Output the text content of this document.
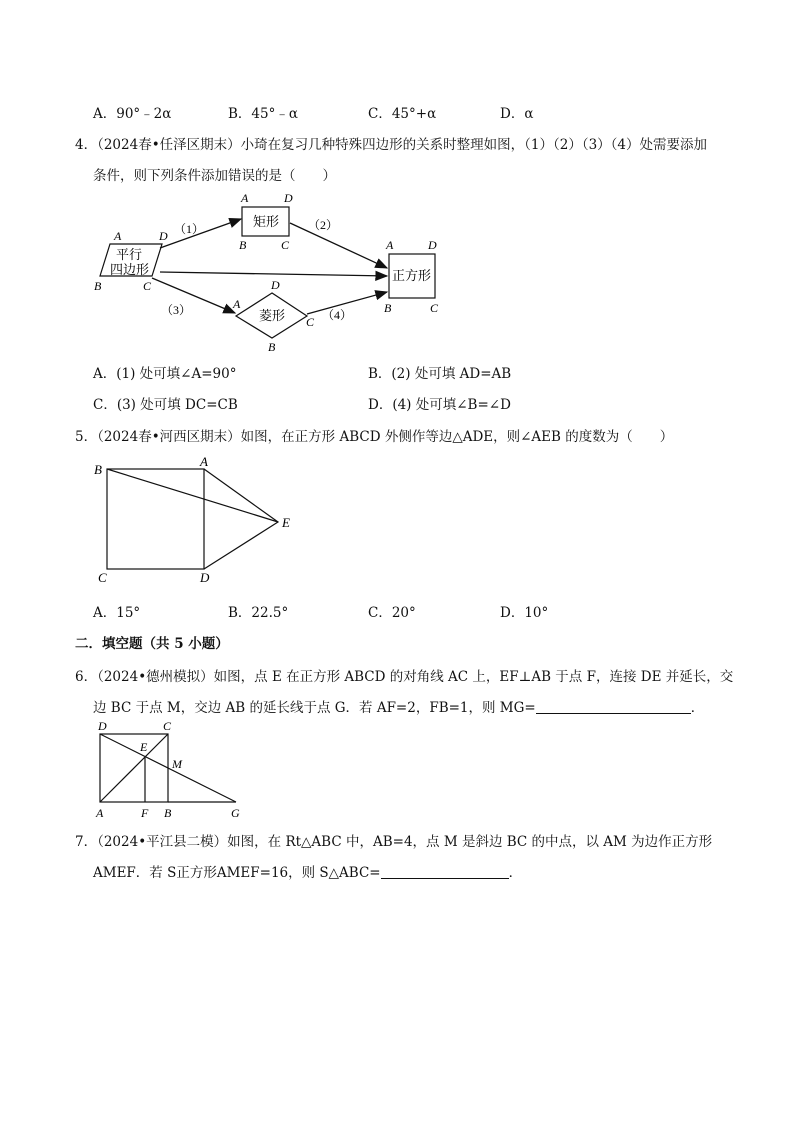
A．90°﹣2α	B．45°﹣α	C．45°+α	D．α
4．（2024春•任泽区期末）小琦在复习几种特殊四边形的关系时整理如图，（1）（2）（3）（4）处需要添加
条件，则下列条件添加错误的是（　　）
平行
四边形
A	D
B	C
矩形
A	D
B	C
正方形
A	D
B	C
菱形
D
A
C
B
（1）	（2）
（3）	（4）
A．(1) 处可填∠A=90°	B．(2) 处可填 AD=AB
C．(3) 处可填 DC=CB	D．(4) 处可填∠B=∠D
5．（2024春•河西区期末）如图，在正方形 ABCD 外侧作等边△ADE，则∠AEB 的度数为（　　）
B
A
E
C	D
A．15°	B．22.5°	C．20°	D．10°
二．填空题（共 5 小题）
6．（2024•德州模拟）如图，点 E 在正方形 ABCD 的对角线 AC 上，EF⊥AB 于点 F，连接 DE 并延长，交
边 BC 于点 M，交边 AB 的延长线于点 G．若 AF=2，FB=1，则 MG=	．
D	C
E
M
A	F B	G
7．（2024•平江县二模）如图，在 Rt△ABC 中，AB=4，点 M 是斜边 BC 的中点，以 AM 为边作正方形
AMEF．若 S正方形AMEF=16，则 S△ABC=	．
